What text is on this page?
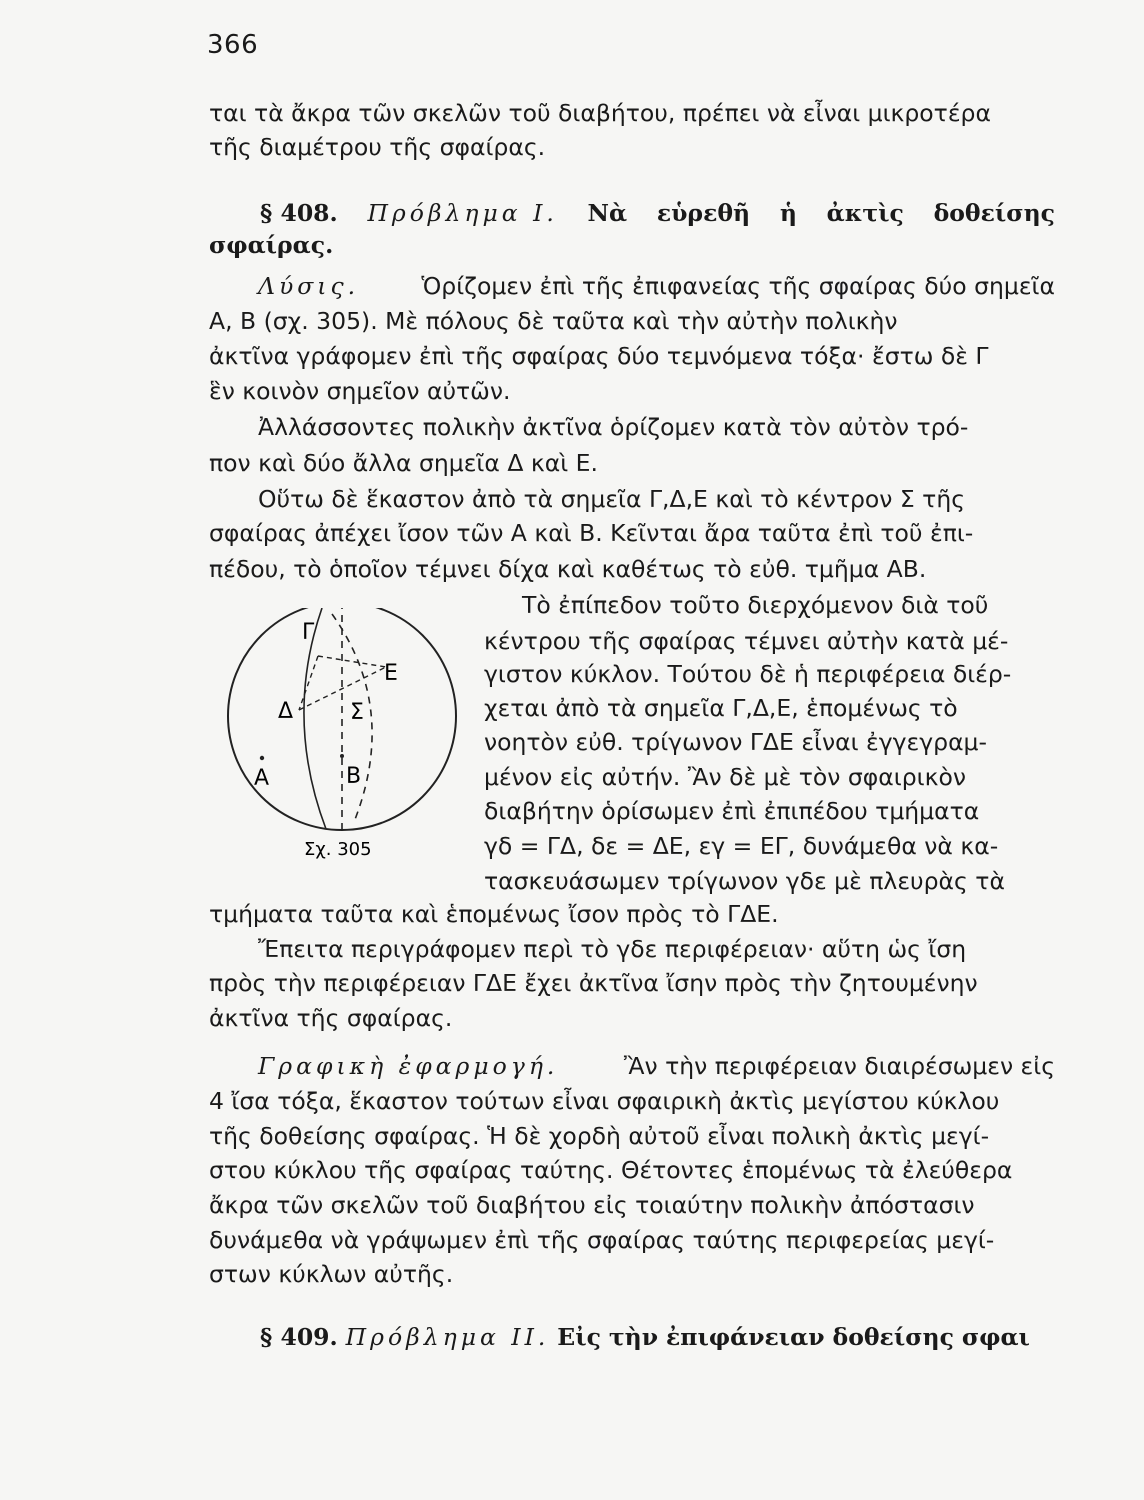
366
ται τὰ ἄκρα τῶν σκελῶν τοῦ διαβήτου, πρέπει νὰ εἶναι μικροτέρα
τῆς διαμέτρου τῆς σφαίρας.
§ 408. Πρόβλημα Ι. Νὰ εὑρεθῆ ἡ ἀκτὶς δοθείσης
σφαίρας.
Λύσις.	Ὁρίζομεν ἐπὶ τῆς ἐπιφανείας τῆς σφαίρας δύο σημεῖα
Α, Β (σχ. 305). Μὲ πόλους δὲ ταῦτα καὶ τὴν αὐτὴν πολικὴν
ἀκτῖνα γράφομεν ἐπὶ τῆς σφαίρας δύο τεμνόμενα τόξα· ἔστω δὲ Γ
ἓν κοινὸν σημεῖον αὐτῶν.
Ἀλλάσσοντες πολικὴν ἀκτῖνα ὁρίζομεν κατὰ τὸν αὐτὸν τρό-
πον καὶ δύο ἄλλα σημεῖα Δ καὶ Ε.
Οὕτω δὲ ἕκαστον ἀπὸ τὰ σημεῖα Γ,Δ,Ε καὶ τὸ κέντρον Σ τῆς
σφαίρας ἀπέχει ἴσον τῶν Α καὶ Β. Κεῖνται ἄρα ταῦτα ἐπὶ τοῦ ἐπι-
πέδου, τὸ ὁποῖον τέμνει δίχα καὶ καθέτως τὸ εὐθ. τμῆμα ΑΒ.
Τὸ ἐπίπεδον τοῦτο διερχόμενον διὰ τοῦ
κέντρου τῆς σφαίρας τέμνει αὐτὴν κατὰ μέ-
γιστον κύκλον. Τούτου δὲ ἡ περιφέρεια διέρ-
χεται ἀπὸ τὰ σημεῖα Γ,Δ,Ε, ἑπομένως τὸ
νοητὸν εὐθ. τρίγωνον ΓΔΕ εἶναι ἐγγεγραμ-
μένον εἰς αὐτήν. Ἂν δὲ μὲ τὸν σφαιρικὸν
διαβήτην ὁρίσωμεν ἐπὶ ἐπιπέδου τμήματα
γδ = ΓΔ, δε = ΔΕ, εγ = ΕΓ, δυνάμεθα νὰ κα-
τασκευάσωμεν τρίγωνον γδε μὲ πλευρὰς τὰ
Γ
Ε
Δ	Σ
Α	Β
Σχ. 305
τμήματα ταῦτα καὶ ἑπομένως ἴσον πρὸς τὸ ΓΔΕ.
Ἔπειτα περιγράφομεν περὶ τὸ γδε περιφέρειαν· αὕτη ὡς ἴση
πρὸς τὴν περιφέρειαν ΓΔΕ ἔχει ἀκτῖνα ἴσην πρὸς τὴν ζητουμένην
ἀκτῖνα τῆς σφαίρας.
Γραφικὴ ἐφαρμογή.	Ἂν τὴν περιφέρειαν διαιρέσωμεν εἰς
4 ἴσα τόξα, ἕκαστον τούτων εἶναι σφαιρικὴ ἀκτὶς μεγίστου κύκλου
τῆς δοθείσης σφαίρας. Ἡ δὲ χορδὴ αὐτοῦ εἶναι πολικὴ ἀκτὶς μεγί-
στου κύκλου τῆς σφαίρας ταύτης. Θέτοντες ἑπομένως τὰ ἐλεύθερα
ἄκρα τῶν σκελῶν τοῦ διαβήτου εἰς τοιαύτην πολικὴν ἀπόστασιν
δυνάμεθα νὰ γράψωμεν ἐπὶ τῆς σφαίρας ταύτης περιφερείας μεγί-
στων κύκλων αὐτῆς.
§ 409. Πρόβλημα ΙΙ. Εἰς τὴν ἐπιφάνειαν δοθείσης σφαι
